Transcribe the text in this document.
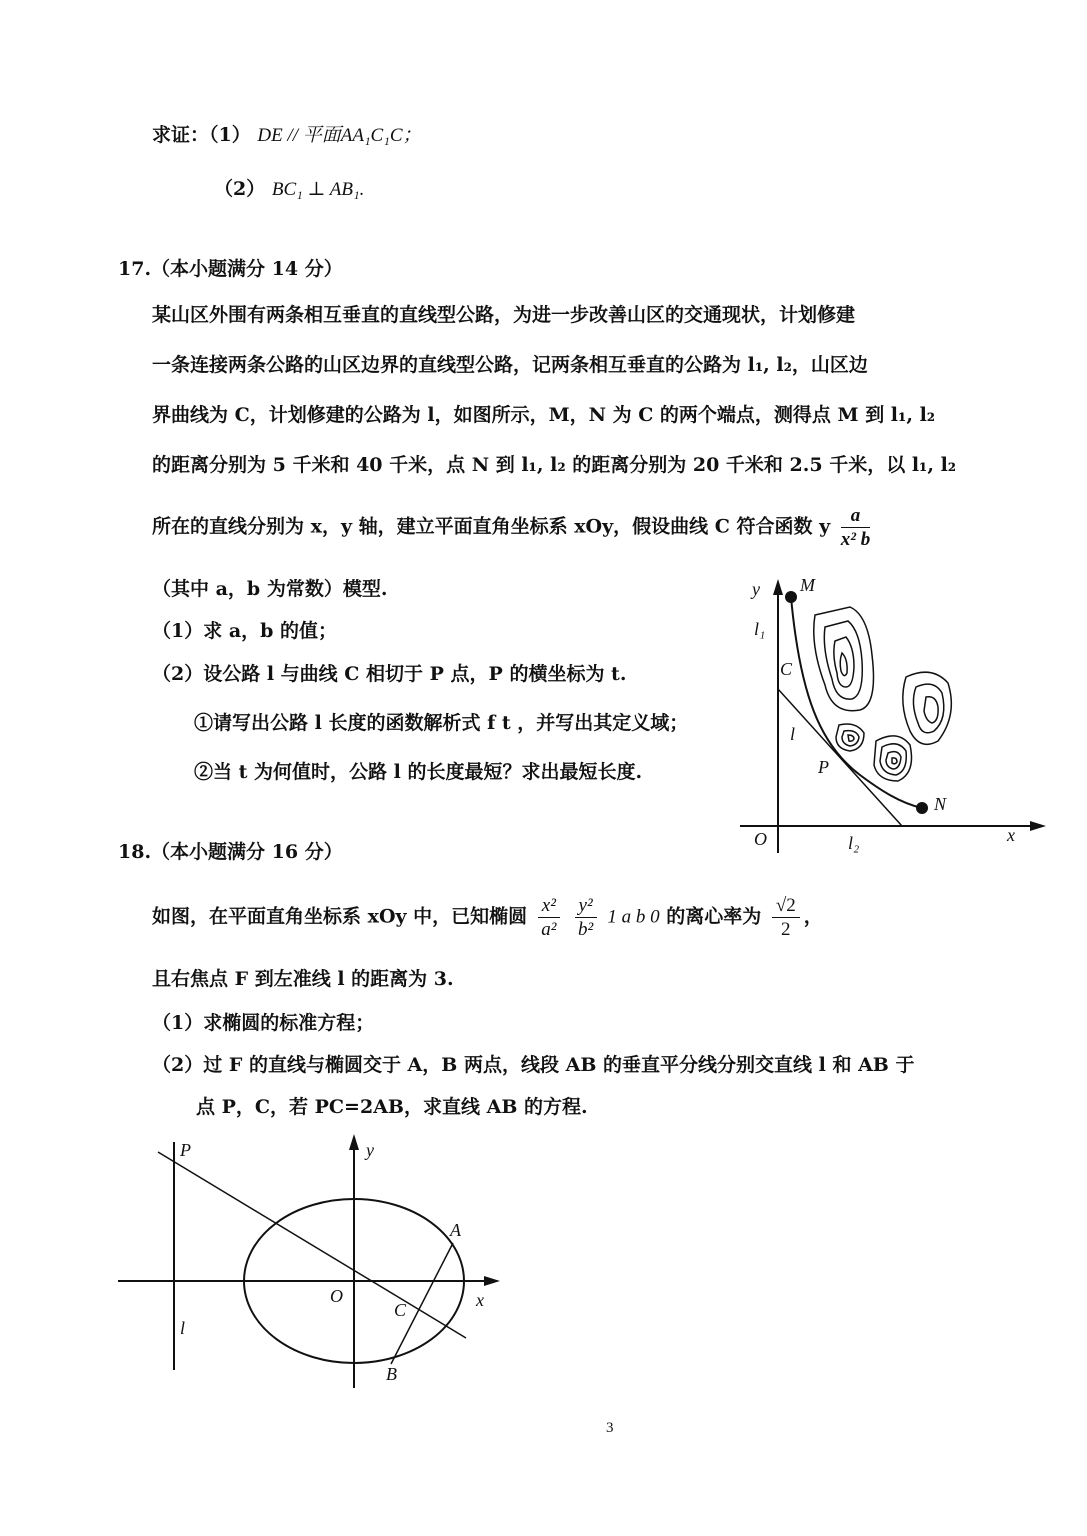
求证：（1） DE // 平面AA₁C₁C；
（2） BC₁ ⊥ AB₁.
17.（本小题满分 14 分）
某山区外围有两条相互垂直的直线型公路，为进一步改善山区的交通现状，计划修建
一条连接两条公路的山区边界的直线型公路，记两条相互垂直的公路为 l₁, l₂，山区边
界曲线为 C，计划修建的公路为 l，如图所示，M，N 为 C 的两个端点，测得点 M 到 l₁, l₂
的距离分别为 5 千米和 40 千米，点 N 到 l₁, l₂ 的距离分别为 20 千米和 2.5 千米，以 l₁, l₂
所在的直线分别为 x，y 轴，建立平面直角坐标系 xOy，假设曲线 C 符合函数 y $\frac{a}{\text{x² b}}$
（其中 a，b 为常数）模型.
（1）求 a，b 的值；
（2）设公路 l 与曲线 C 相切于 P 点，P 的横坐标为 t.
①请写出公路 l 长度的函数解析式 f t ，并写出其定义域；
②当 t 为何值时，公路 l 的长度最短？求出最短长度.
y M
l₁
C
l
P
N
O	l₂	x
18.（本小题满分 16 分）
如图，在平面直角坐标系 xOy 中，已知椭圆 $\frac{\text{x²}}{\text{a²}}$
$\frac{\text{y²}}{\text{b²}} 1$ a b 0 的离心率为 $\frac{√2}{2}$ ，
且右焦点 F 到左准线 l 的距离为 3.
（1）求椭圆的标准方程；
（2）过 F 的直线与椭圆交于 A，B 两点，线段 AB 的垂直平分线分别交直线 l 和 AB 于
点 P，C，若 PC=2AB，求直线 AB 的方程.
P	y
A
O
C	x
l
B
3
